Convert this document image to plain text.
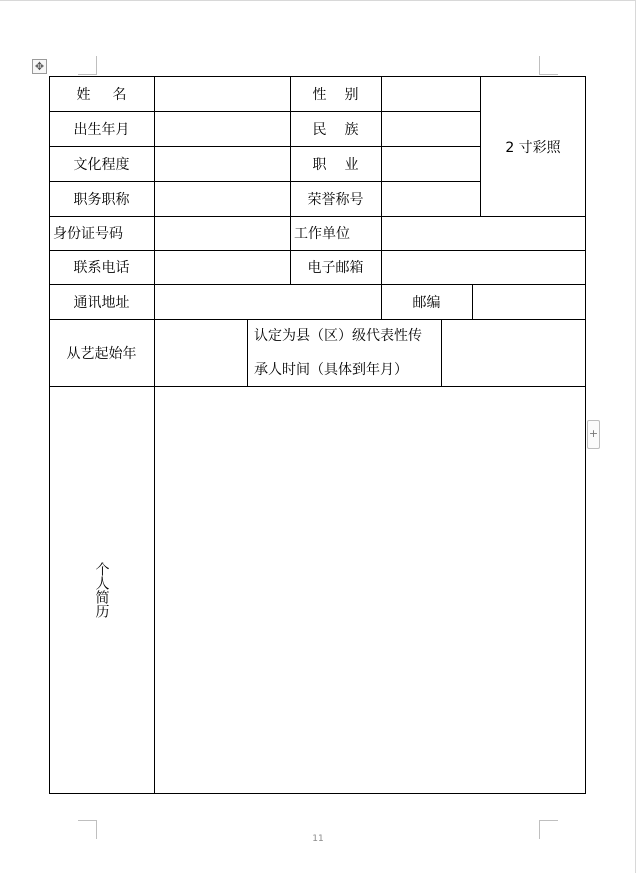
✥
+
姓名	性别
2 寸彩照
出生年月	民族
文化程度	职业
职务职称	荣誉称号
身份证号码	工作单位
联系电话	电子邮箱
通讯地址	邮编
从艺起始年
认定为县（区）级代表性传
承人时间（具体到年月）
个人简历
11
